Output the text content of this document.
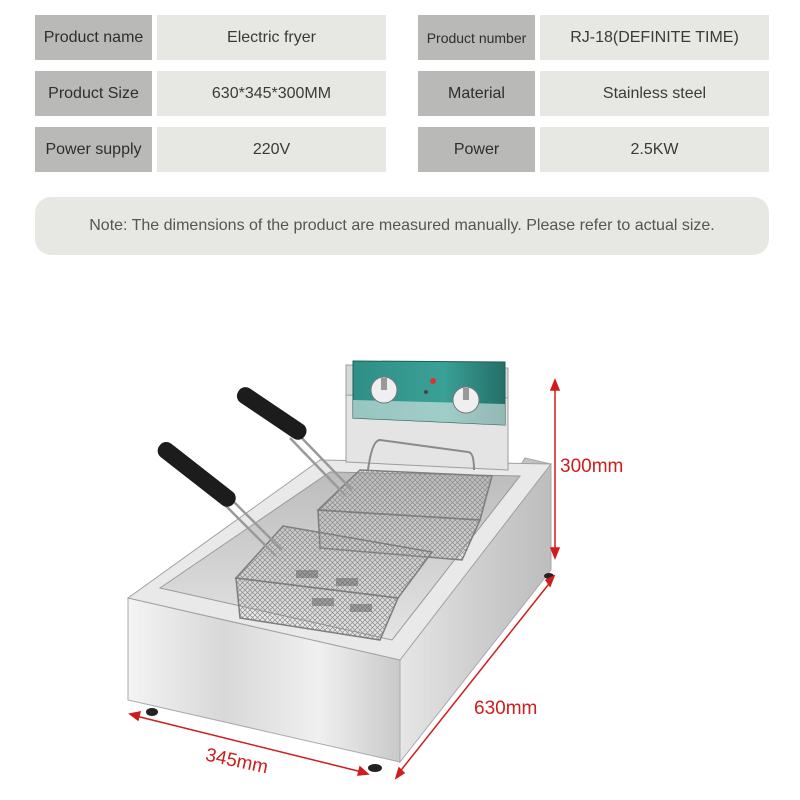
Product name	Electric fryer	Product number	RJ-18(DEFINITE TIME)
Product Size	630*345*300MM	Material	Stainless steel
Power supply	220V	Power	2.5KW
Note: The dimensions of the product are measured manually. Please refer to actual size.
300mm
630mm
345mm
